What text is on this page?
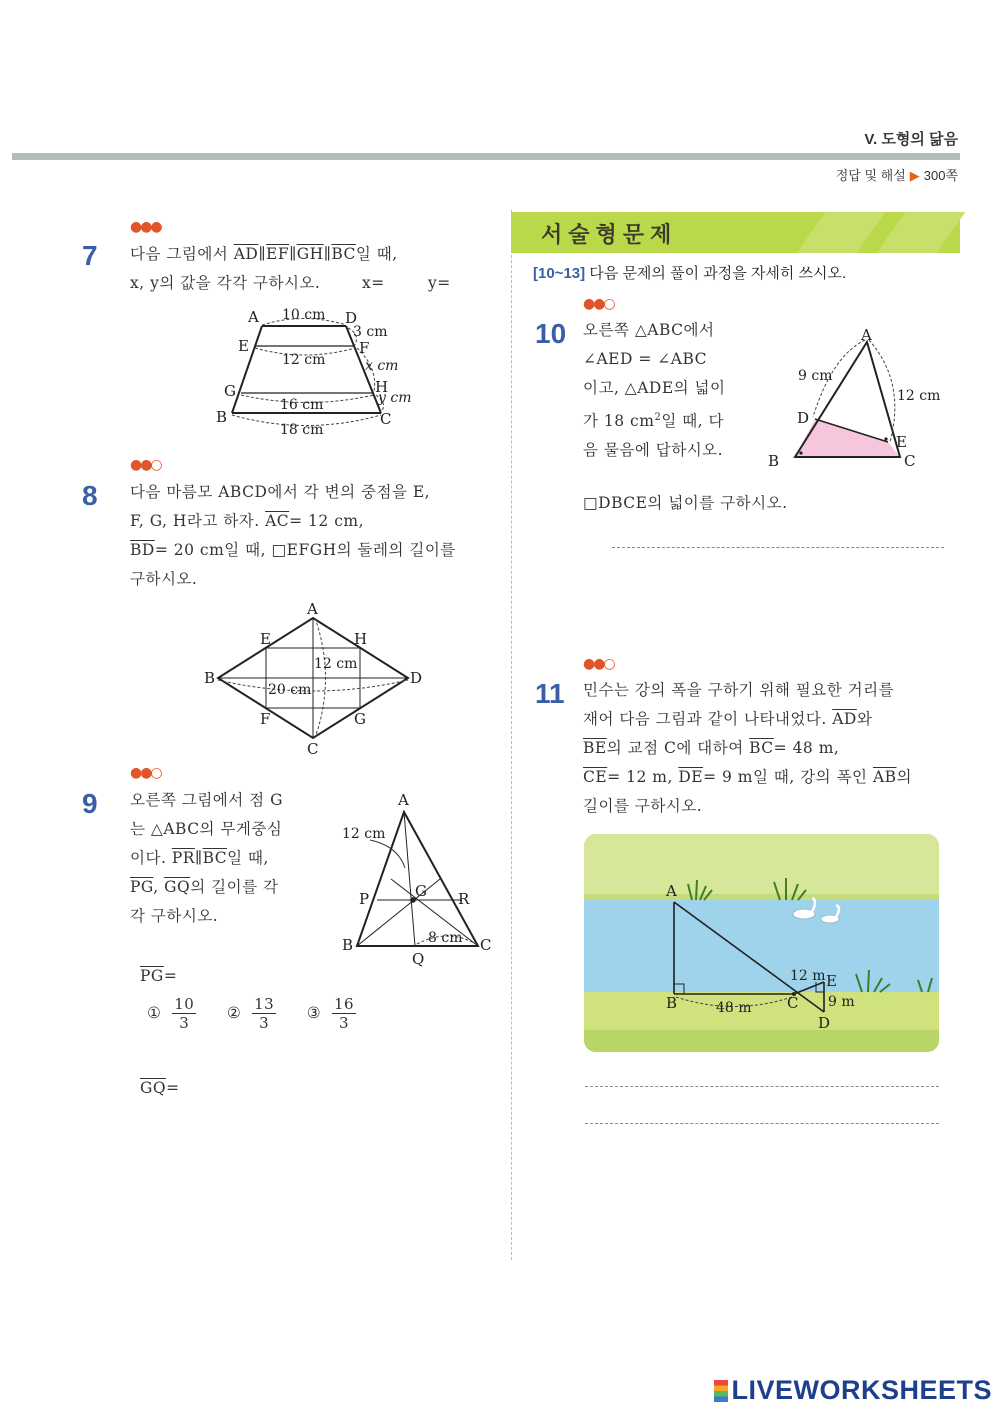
V. 도형의 닮음
정답 및 해설 ▶ 300쪽
●●●
7 다음 그림에서 $\overline{AD}\parallel\overline{EF}\parallel\overline{GH}\parallel\overline{BC}$일 때,
x, y의 값을 각각 구하시오.	x=	y=
A	D
E	F
G	H
B	C
10 cm
12 cm
16 cm
18 cm
3 cm
x cm
y cm
●●○
8 다음 마름모 ABCD에서 각 변의 중점을 E,
F, G, H라고 하자. $\overline{AC}= 12$ cm,
$\overline{BD}= 20$ cm일 때, □EFGH의 둘레의 길이를
구하시오.
A
B
C
D
E	H
F	G
12 cm
20 cm
●●○
9 오른쪽 그림에서 점 G
는 △ABC의 무게중심
이다. $\overline{PR}\parallel\overline{BC}$일 때,
$\overline{PG}$, $\overline{GQ}$의 길이를 각
각 구하시오.
A
B	C
P	G R
Q
12 cm
8 cm
$\overline{PG}=$
① $\frac{10}{3}$ ② $\frac{13}{3}$ ③ $\frac{16}{3}$
$\overline{GQ}=$
서술형문제
[10~13] 다음 문제의 풀이 과정을 자세히 쓰시오.
●●○
10 오른쪽 △ABC에서
∠AED = ∠ABC
이고, △ADE의 넓이
가 18 $cm^2$일 때, 다
음 물음에 답하시오.
A
B	C
D
E
9 cm
12 cm
□DBCE의 넓이를 구하시오.
●●○
11 민수는 강의 폭을 구하기 위해 필요한 거리를
재어 다음 그림과 같이 나타내었다. $\overline{AD}$와
$\overline{BE}$의 교점 C에 대하여 $\overline{BC}= 48$ m,
$\overline{CE}= 12$ m, $\overline{DE}= 9$ m일 때, 강의 폭인 $\overline{AB}$의
길이를 구하시오.
A
B	C
D
E
48 m
12 m
9 m
LIVEWORKSHEETS
